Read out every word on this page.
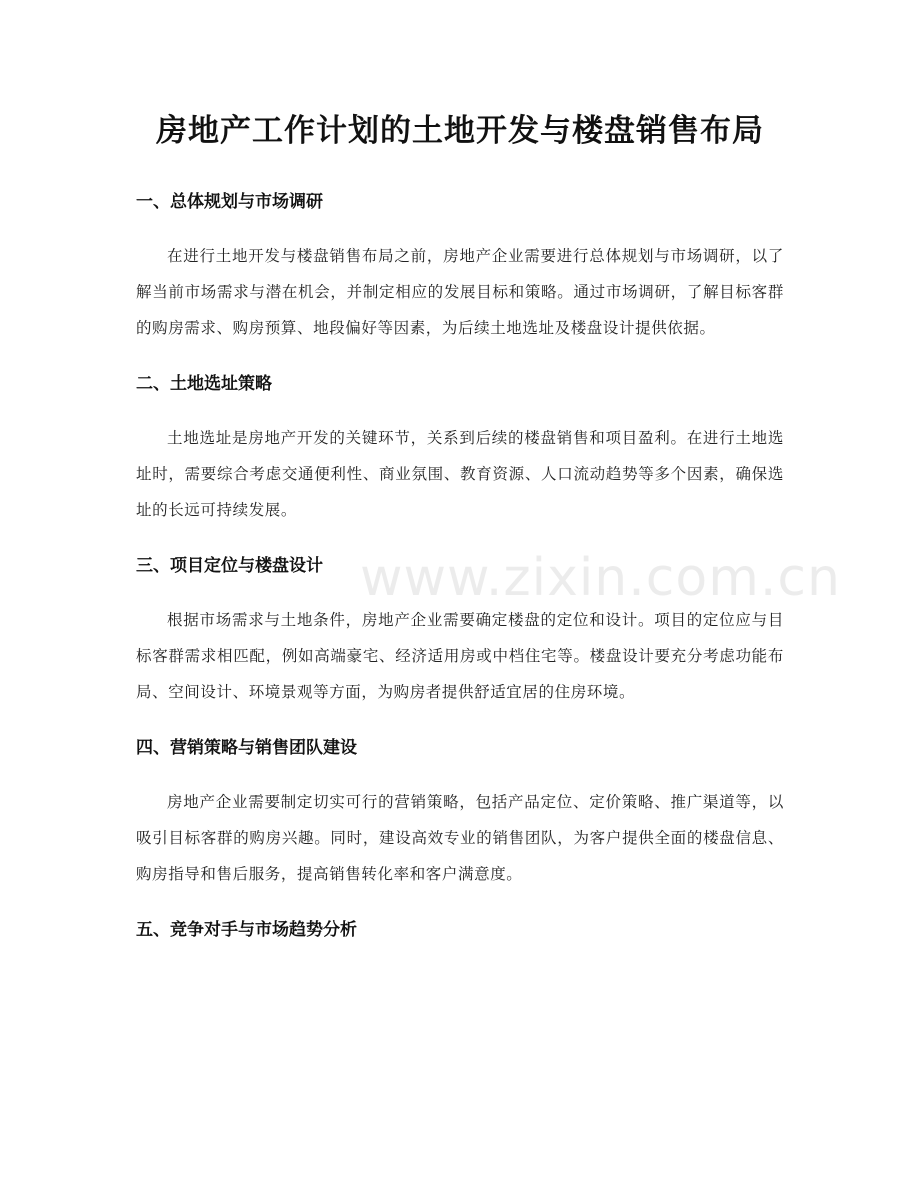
房地产工作计划的土地开发与楼盘销售布局
一、总体规划与市场调研

在进行土地开发与楼盘销售布局之前，房地产企业需要进行总体规划与市场调研，以了解当前市场需求与潜在机会，并制定相应的发展目标和策略。通过市场调研，了解目标客群的购房需求、购房预算、地段偏好等因素，为后续土地选址及楼盘设计提供依据。

二、土地选址策略

土地选址是房地产开发的关键环节，关系到后续的楼盘销售和项目盈利。在进行土地选址时，需要综合考虑交通便利性、商业氛围、教育资源、人口流动趋势等多个因素，确保选址的长远可持续发展。

三、项目定位与楼盘设计

根据市场需求与土地条件，房地产企业需要确定楼盘的定位和设计。项目的定位应与目标客群需求相匹配，例如高端豪宅、经济适用房或中档住宅等。楼盘设计要充分考虑功能布局、空间设计、环境景观等方面，为购房者提供舒适宜居的住房环境。

四、营销策略与销售团队建设

房地产企业需要制定切实可行的营销策略，包括产品定位、定价策略、推广渠道等，以吸引目标客群的购房兴趣。同时，建设高效专业的销售团队，为客户提供全面的楼盘信息、购房指导和售后服务，提高销售转化率和客户满意度。

五、竞争对手与市场趋势分析
www.zixin.com.cn
